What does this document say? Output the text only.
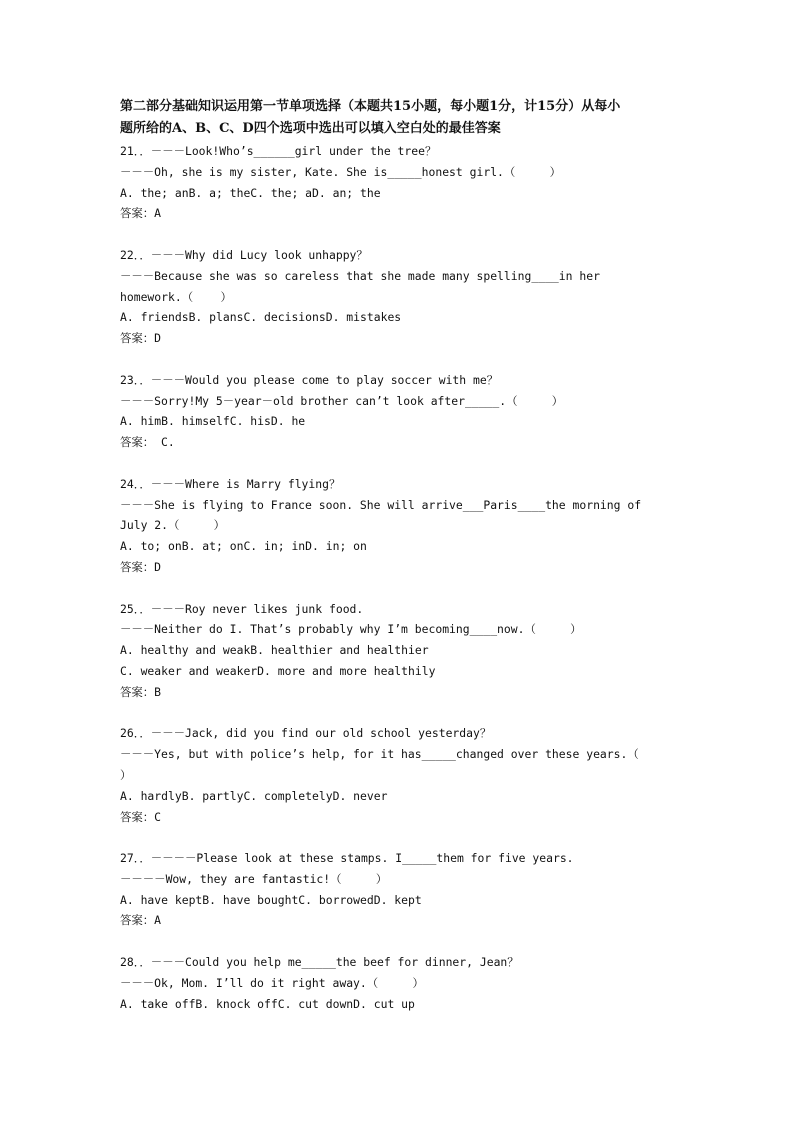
第二部分基础知识运用第一节单项选择（本题共15小题，每小题1分，计15分）从每小
题所给的A、B、C、D四个选项中选出可以填入空白处的最佳答案
21．．－－－Look!Who’s______girl under the tree？
－－－Oh, she is my sister, Kate. She is_____honest girl.（     ）
A. the; anB. a; theC. the; aD. an; the
答案：A
22．．－－－Why did Lucy look unhappy？
－－－Because she was so careless that she made many spelling____in her
homework.（    ）
A. friendsB. plansC. decisionsD. mistakes
答案：D
23．．－－－Would you please come to play soccer with me？
－－－Sorry!My 5－year－old brother can’t look after_____.（     ）
A. himB. himselfC. hisD. he
答案： C.
24．．－－－Where is Marry flying？
－－－She is flying to France soon. She will arrive___Paris____the morning of
July 2.（     ）
A. to; onB. at; onC. in; inD. in; on
答案：D
25．．－－－Roy never likes junk food.
－－－Neither do I. That’s probably why I’m becoming____now.（     ）
A. healthy and weakB. healthier and healthier
C. weaker and weakerD. more and more healthily
答案：B
26．．－－－Jack, did you find our old school yesterday？
－－－Yes, but with police’s help, for it has_____changed over these years.（
）
A. hardlyB. partlyC. completelyD. never
答案：C
27．．－－－－Please look at these stamps. I_____them for five years.
－－－－Wow, they are fantastic!（     ）
A. have keptB. have boughtC. borrowedD. kept
答案：A
28．．－－－Could you help me_____the beef for dinner, Jean？
－－－Ok, Mom. I’ll do it right away.（     ）
A. take offB. knock offC. cut downD. cut up
